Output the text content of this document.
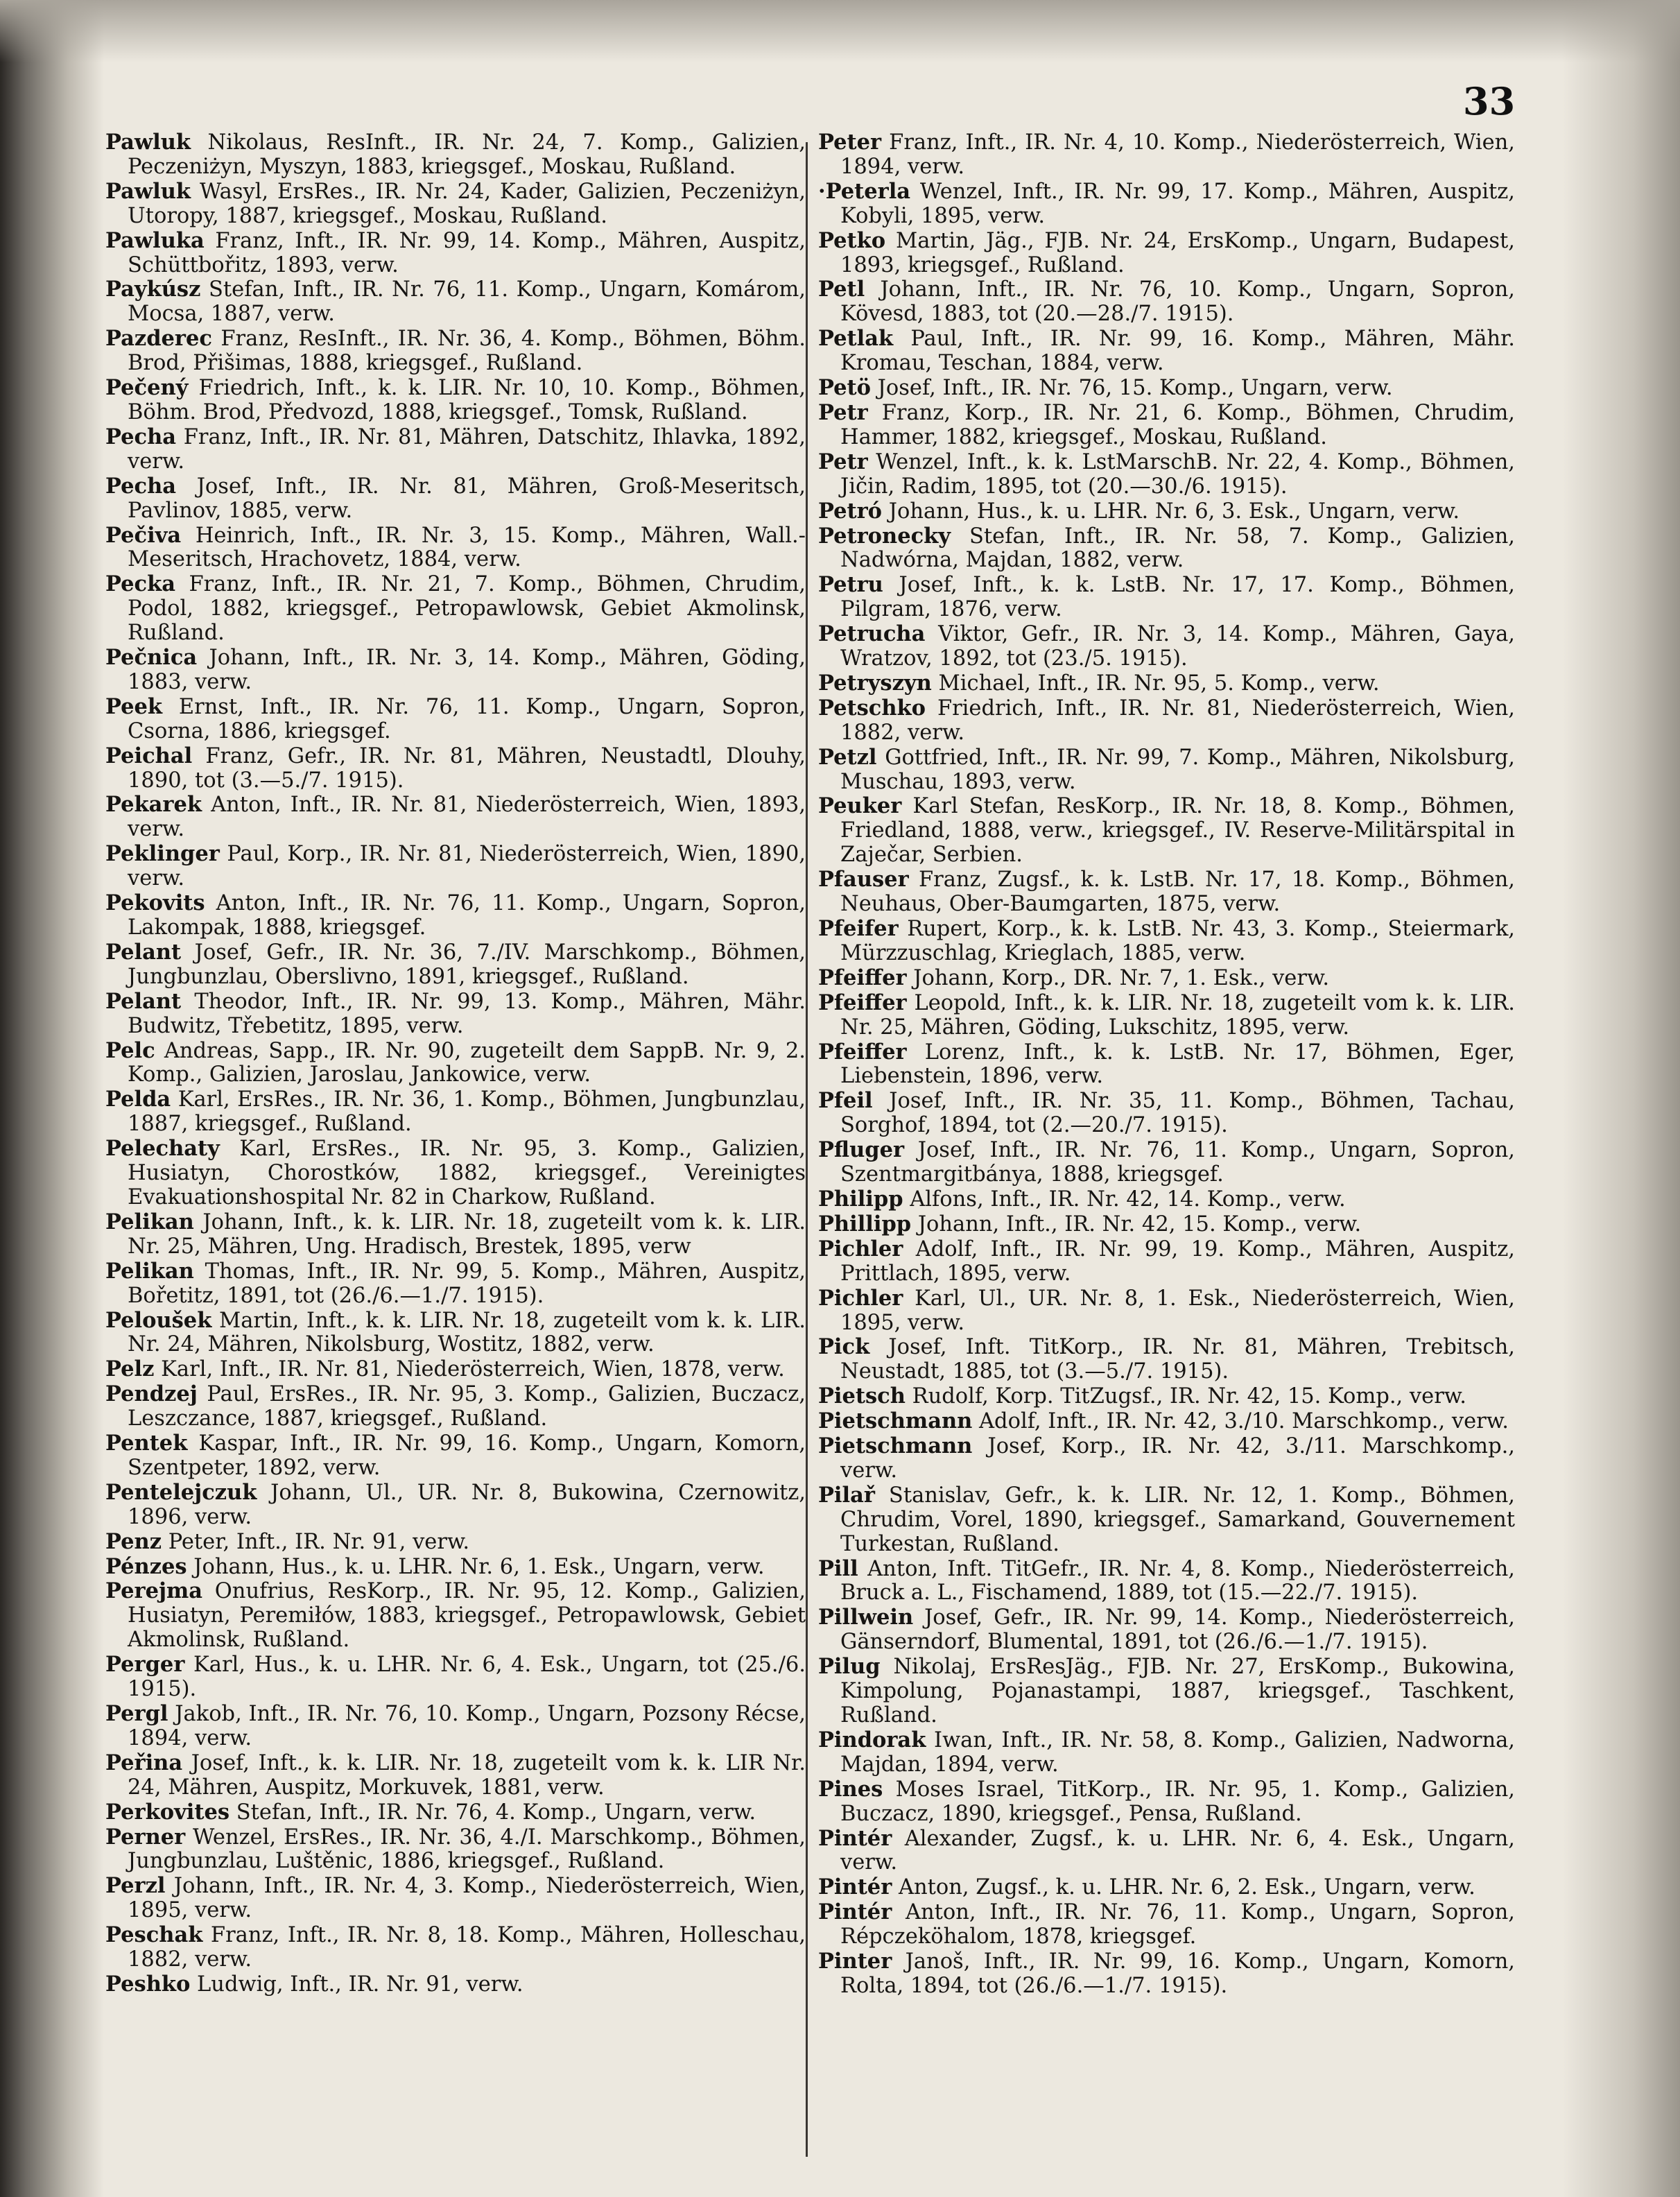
33

Pawluk Nikolaus, ResInft., IR. Nr. 24, 7. Komp., Galizien, Peczeniżyn, Myszyn, 1883, kriegsgef., Moskau, Rußland.

Pawluk Wasyl, ErsRes., IR. Nr. 24, Kader, Galizien, Peczeniżyn, Utoropy, 1887, kriegsgef., Moskau, Rußland.

Pawluka Franz, Inft., IR. Nr. 99, 14. Komp., Mähren, Auspitz, Schüttbořitz, 1893, verw.

Paykúsz Stefan, Inft., IR. Nr. 76, 11. Komp., Ungarn, Komárom, Mocsa, 1887, verw.

Pazderec Franz, ResInft., IR. Nr. 36, 4. Komp., Böhmen, Böhm. Brod, Přišimas, 1888, kriegsgef., Rußland.

Pečený Friedrich, Inft., k. k. LIR. Nr. 10, 10. Komp., Böhmen, Böhm. Brod, Předvozd, 1888, kriegsgef., Tomsk, Rußland.

Pecha Franz, Inft., IR. Nr. 81, Mähren, Datschitz, Ihlavka, 1892, verw.

Pecha Josef, Inft., IR. Nr. 81, Mähren, Groß-Meseritsch, Pavlinov, 1885, verw.

Pečiva Heinrich, Inft., IR. Nr. 3, 15. Komp., Mähren, Wall.-Meseritsch, Hrachovetz, 1884, verw.

Pecka Franz, Inft., IR. Nr. 21, 7. Komp., Böhmen, Chrudim, Podol, 1882, kriegsgef., Petropawlowsk, Gebiet Akmolinsk, Rußland.

Pečnica Johann, Inft., IR. Nr. 3, 14. Komp., Mähren, Göding, 1883, verw.

Peek Ernst, Inft., IR. Nr. 76, 11. Komp., Ungarn, Sopron, Csorna, 1886, kriegsgef.

Peichal Franz, Gefr., IR. Nr. 81, Mähren, Neustadtl, Dlouhy, 1890, tot (3.—5./7. 1915).

Pekarek Anton, Inft., IR. Nr. 81, Niederösterreich, Wien, 1893, verw.

Peklinger Paul, Korp., IR. Nr. 81, Niederösterreich, Wien, 1890, verw.

Pekovits Anton, Inft., IR. Nr. 76, 11. Komp., Ungarn, Sopron, Lakompak, 1888, kriegsgef.

Pelant Josef, Gefr., IR. Nr. 36, 7./IV. Marschkomp., Böhmen, Jungbunzlau, Oberslivno, 1891, kriegsgef., Rußland.

Pelant Theodor, Inft., IR. Nr. 99, 13. Komp., Mähren, Mähr. Budwitz, Třebetitz, 1895, verw.

Pelc Andreas, Sapp., IR. Nr. 90, zugeteilt dem SappB. Nr. 9, 2. Komp., Galizien, Jaroslau, Jankowice, verw.

Pelda Karl, ErsRes., IR. Nr. 36, 1. Komp., Böhmen, Jungbunzlau, 1887, kriegsgef., Rußland.

Pelechaty Karl, ErsRes., IR. Nr. 95, 3. Komp., Galizien, Husiatyn, Chorostków, 1882, kriegsgef., Vereinigtes Evakuationshospital Nr. 82 in Charkow, Rußland.

Pelikan Johann, Inft., k. k. LIR. Nr. 18, zugeteilt vom k. k. LIR. Nr. 25, Mähren, Ung. Hradisch, Brestek, 1895, verw

Pelikan Thomas, Inft., IR. Nr. 99, 5. Komp., Mähren, Auspitz, Bořetitz, 1891, tot (26./6.—1./7. 1915).

Peloušek Martin, Inft., k. k. LIR. Nr. 18, zugeteilt vom k. k. LIR. Nr. 24, Mähren, Nikolsburg, Wostitz, 1882, verw.

Pelz Karl, Inft., IR. Nr. 81, Niederösterreich, Wien, 1878, verw.

Pendzej Paul, ErsRes., IR. Nr. 95, 3. Komp., Galizien, Buczacz, Leszczance, 1887, kriegsgef., Rußland.

Pentek Kaspar, Inft., IR. Nr. 99, 16. Komp., Ungarn, Komorn, Szentpeter, 1892, verw.

Pentelejczuk Johann, Ul., UR. Nr. 8, Bukowina, Czernowitz, 1896, verw.

Penz Peter, Inft., IR. Nr. 91, verw.

Pénzes Johann, Hus., k. u. LHR. Nr. 6, 1. Esk., Ungarn, verw.

Perejma Onufrius, ResKorp., IR. Nr. 95, 12. Komp., Galizien, Husiatyn, Peremiłów, 1883, kriegsgef., Petropawlowsk, Gebiet Akmolinsk, Rußland.

Perger Karl, Hus., k. u. LHR. Nr. 6, 4. Esk., Ungarn, tot (25./6. 1915).

Pergl Jakob, Inft., IR. Nr. 76, 10. Komp., Ungarn, Pozsony Récse, 1894, verw.

Peřina Josef, Inft., k. k. LIR. Nr. 18, zugeteilt vom k. k. LIR Nr. 24, Mähren, Auspitz, Morkuvek, 1881, verw.

Perkovites Stefan, Inft., IR. Nr. 76, 4. Komp., Ungarn, verw.

Perner Wenzel, ErsRes., IR. Nr. 36, 4./I. Marschkomp., Böhmen, Jungbunzlau, Luštěnic, 1886, kriegsgef., Rußland.

Perzl Johann, Inft., IR. Nr. 4, 3. Komp., Niederösterreich, Wien, 1895, verw.

Peschak Franz, Inft., IR. Nr. 8, 18. Komp., Mähren, Holleschau, 1882, verw.

Peshko Ludwig, Inft., IR. Nr. 91, verw.

Peter Franz, Inft., IR. Nr. 4, 10. Komp., Niederösterreich, Wien, 1894, verw.

·Peterla Wenzel, Inft., IR. Nr. 99, 17. Komp., Mähren, Auspitz, Kobyli, 1895, verw.

Petko Martin, Jäg., FJB. Nr. 24, ErsKomp., Ungarn, Budapest, 1893, kriegsgef., Rußland.

Petl Johann, Inft., IR. Nr. 76, 10. Komp., Ungarn, Sopron, Kövesd, 1883, tot (20.—28./7. 1915).

Petlak Paul, Inft., IR. Nr. 99, 16. Komp., Mähren, Mähr. Kromau, Teschan, 1884, verw.

Petö Josef, Inft., IR. Nr. 76, 15. Komp., Ungarn, verw.

Petr Franz, Korp., IR. Nr. 21, 6. Komp., Böhmen, Chrudim, Hammer, 1882, kriegsgef., Moskau, Rußland.

Petr Wenzel, Inft., k. k. LstMarschB. Nr. 22, 4. Komp., Böhmen, Jičin, Radim, 1895, tot (20.—30./6. 1915).

Petró Johann, Hus., k. u. LHR. Nr. 6, 3. Esk., Ungarn, verw.

Petronecky Stefan, Inft., IR. Nr. 58, 7. Komp., Galizien, Nadwórna, Majdan, 1882, verw.

Petru Josef, Inft., k. k. LstB. Nr. 17, 17. Komp., Böhmen, Pilgram, 1876, verw.

Petrucha Viktor, Gefr., IR. Nr. 3, 14. Komp., Mähren, Gaya, Wratzov, 1892, tot (23./5. 1915).

Petryszyn Michael, Inft., IR. Nr. 95, 5. Komp., verw.

Petschko Friedrich, Inft., IR. Nr. 81, Niederösterreich, Wien, 1882, verw.

Petzl Gottfried, Inft., IR. Nr. 99, 7. Komp., Mähren, Nikolsburg, Muschau, 1893, verw.

Peuker Karl Stefan, ResKorp., IR. Nr. 18, 8. Komp., Böhmen, Friedland, 1888, verw., kriegsgef., IV. Reserve-Militärspital in Zaječar, Serbien.

Pfauser Franz, Zugsf., k. k. LstB. Nr. 17, 18. Komp., Böhmen, Neuhaus, Ober-Baumgarten, 1875, verw.

Pfeifer Rupert, Korp., k. k. LstB. Nr. 43, 3. Komp., Steiermark, Mürzzuschlag, Krieglach, 1885, verw.

Pfeiffer Johann, Korp., DR. Nr. 7, 1. Esk., verw.

Pfeiffer Leopold, Inft., k. k. LIR. Nr. 18, zugeteilt vom k. k. LIR. Nr. 25, Mähren, Göding, Lukschitz, 1895, verw.

Pfeiffer Lorenz, Inft., k. k. LstB. Nr. 17, Böhmen, Eger, Liebenstein, 1896, verw.

Pfeil Josef, Inft., IR. Nr. 35, 11. Komp., Böhmen, Tachau, Sorghof, 1894, tot (2.—20./7. 1915).

Pfluger Josef, Inft., IR. Nr. 76, 11. Komp., Ungarn, Sopron, Szentmargitbánya, 1888, kriegsgef.

Philipp Alfons, Inft., IR. Nr. 42, 14. Komp., verw.

Phillipp Johann, Inft., IR. Nr. 42, 15. Komp., verw.

Pichler Adolf, Inft., IR. Nr. 99, 19. Komp., Mähren, Auspitz, Prittlach, 1895, verw.

Pichler Karl, Ul., UR. Nr. 8, 1. Esk., Niederösterreich, Wien, 1895, verw.

Pick Josef, Inft. TitKorp., IR. Nr. 81, Mähren, Trebitsch, Neustadt, 1885, tot (3.—5./7. 1915).

Pietsch Rudolf, Korp. TitZugsf., IR. Nr. 42, 15. Komp., verw.

Pietschmann Adolf, Inft., IR. Nr. 42, 3./10. Marschkomp., verw.

Pietschmann Josef, Korp., IR. Nr. 42, 3./11. Marschkomp., verw.

Pilař Stanislav, Gefr., k. k. LIR. Nr. 12, 1. Komp., Böhmen, Chrudim, Vorel, 1890, kriegsgef., Samarkand, Gouvernement Turkestan, Rußland.

Pill Anton, Inft. TitGefr., IR. Nr. 4, 8. Komp., Niederösterreich, Bruck a. L., Fischamend, 1889, tot (15.—22./7. 1915).

Pillwein Josef, Gefr., IR. Nr. 99, 14. Komp., Niederösterreich, Gänserndorf, Blumental, 1891, tot (26./6.—1./7. 1915).

Pilug Nikolaj, ErsResJäg., FJB. Nr. 27, ErsKomp., Bukowina, Kimpolung, Pojanastampi, 1887, kriegsgef., Taschkent, Rußland.

Pindorak Iwan, Inft., IR. Nr. 58, 8. Komp., Galizien, Nadworna, Majdan, 1894, verw.

Pines Moses Israel, TitKorp., IR. Nr. 95, 1. Komp., Galizien, Buczacz, 1890, kriegsgef., Pensa, Rußland.

Pintér Alexander, Zugsf., k. u. LHR. Nr. 6, 4. Esk., Ungarn, verw.

Pintér Anton, Zugsf., k. u. LHR. Nr. 6, 2. Esk., Ungarn, verw.

Pintér Anton, Inft., IR. Nr. 76, 11. Komp., Ungarn, Sopron, Répczeköhalom, 1878, kriegsgef.

Pinter Janoš, Inft., IR. Nr. 99, 16. Komp., Ungarn, Komorn, Rolta, 1894, tot (26./6.—1./7. 1915).
